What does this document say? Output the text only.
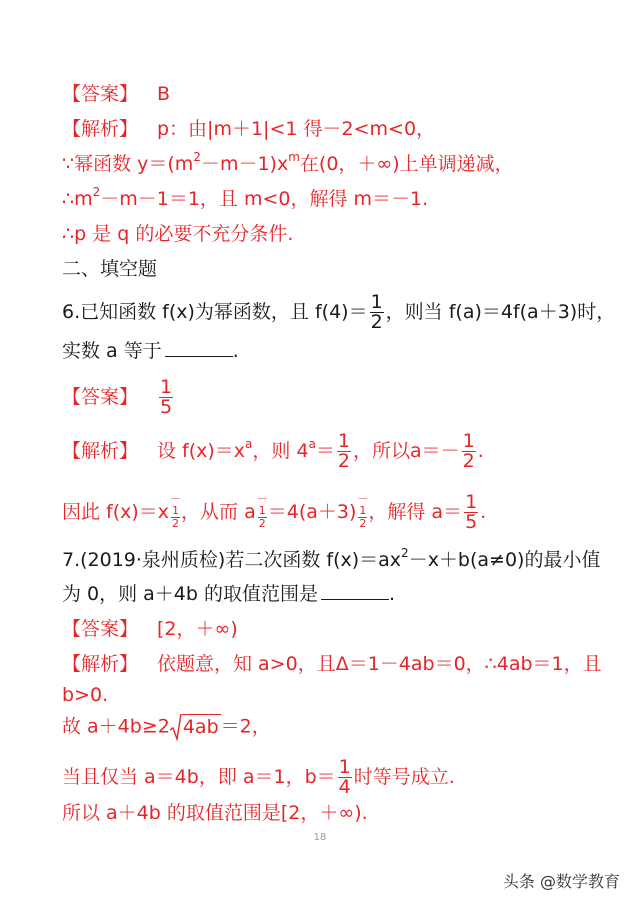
【答案】 B
【解析】 p：由|m＋1|<1 得－2<m<0，
∵幂函数 $y=(m^2-m-1)x^m$在(0，＋∞)上单调递减，
$\therefore m^2-m-1=1$，且 m<0，解得 m＝－1.
∴p 是 q 的必要不充分条件.
二、填空题
6.已知函数 f(x)为幂函数，且 $f(4)= \frac{1}{2}$ ，则当 f(a)＝4f(a＋3)时，
实数 a 等于	.
【答案】 $\frac{1}{5}$
【解析】 设 $f(x)=x^a$，则 $4^a= \frac{1}{2}$ ，所以$a=- \frac{1}{2}$ .
因此 f(x)＝x
－
1
2
，从而 a
－
1
2
＝4(a＋3)
－
1
2
，解得 $a= \frac{1}{5}$ .
7.(2019·泉州质检)若二次函数 $f(x)=ax^2-x+b(a\ne 0)$的最小值
为 0，则 a＋4b 的取值范围是	.
【答案】 [2，＋∞)
【解析】 依题意，知 a>0，且Δ＝1－4ab＝0，∴4ab＝1，且
b>0.
故 a＋4b≥2 4ab ＝2，
当且仅当 a＝4b，即 a＝1，$b= \frac{1}{4}$ 时等号成立.
所以 a＋4b 的取值范围是[2，＋∞).
18
头条 @数学教育
